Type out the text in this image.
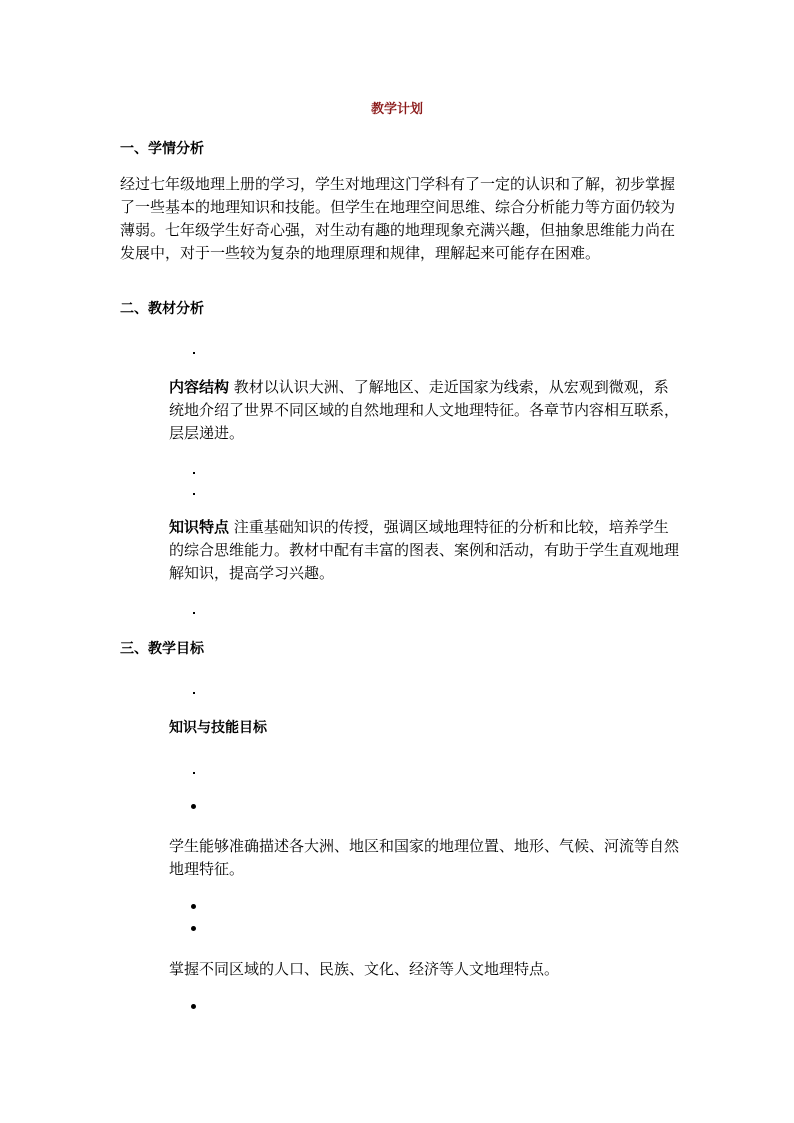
教学计划
一、学情分析
经过七年级地理上册的学习，学生对地理这门学科有了一定的认识和了解，初步掌握了一些基本的地理知识和技能。但学生在地理空间思维、综合分析能力等方面仍较为薄弱。七年级学生好奇心强，对生动有趣的地理现象充满兴趣，但抽象思维能力尚在发展中，对于一些较为复杂的地理原理和规律，理解起来可能存在困难。
二、教材分析
内容结构 教材以认识大洲、了解地区、走近国家为线索，从宏观到微观，系统地介绍了世界不同区域的自然地理和人文地理特征。各章节内容相互联系，层层递进。
知识特点 注重基础知识的传授，强调区域地理特征的分析和比较，培养学生的综合思维能力。教材中配有丰富的图表、案例和活动，有助于学生直观地理解知识，提高学习兴趣。
三、教学目标
知识与技能目标
学生能够准确描述各大洲、地区和国家的地理位置、地形、气候、河流等自然地理特征。
掌握不同区域的人口、民族、文化、经济等人文地理特点。
